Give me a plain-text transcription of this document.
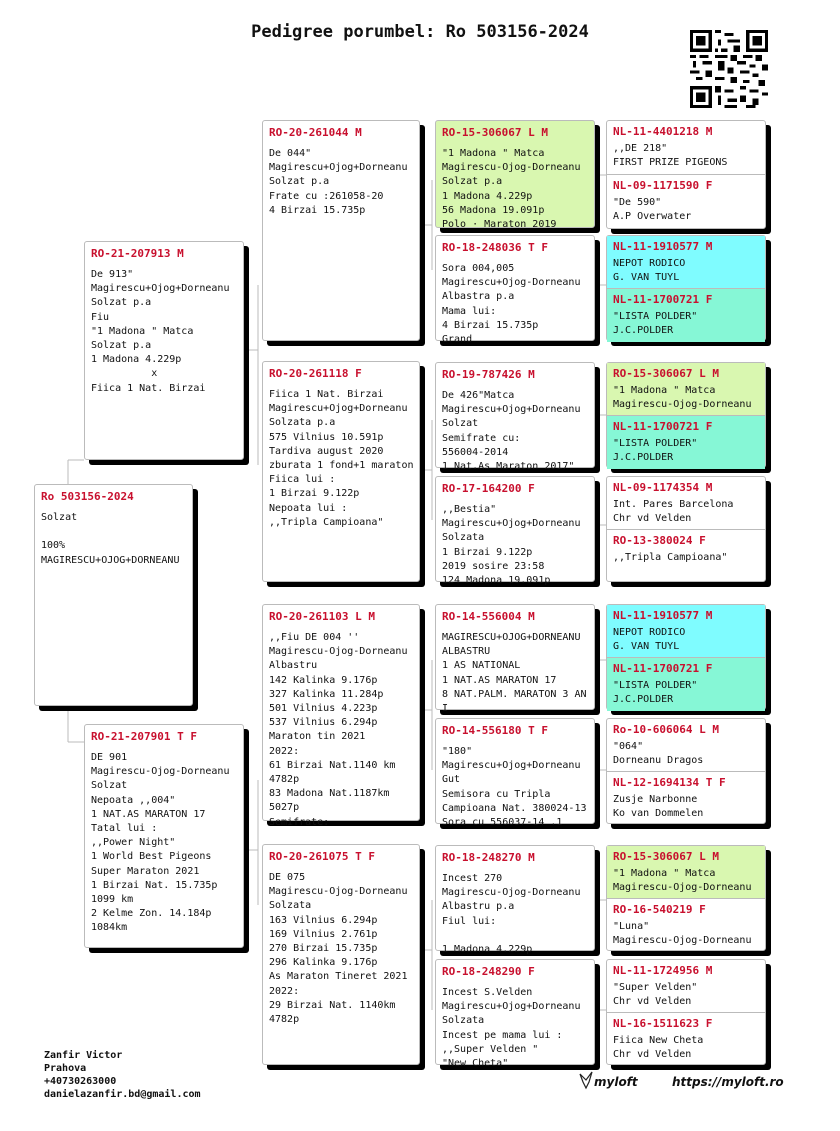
Pedigree porumbel: Ro 503156-2024
Ro 503156-2024
Solzat

100%
MAGIRESCU+OJOG+DORNEANU
RO-21-207913 M
De 913"
Magirescu+Ojog+Dorneanu
Solzat p.a
Fiu
"1 Madona " Matca
Solzat p.a
1 Madona 4.229p
x
Fiica 1 Nat. Birzai
RO-21-207901 T F
DE 901
Magirescu-Ojog-Dorneanu
Solzat
Nepoata ,,004"
1 NAT.AS MARATON 17
Tatal lui :
,,Power Night"
1 World Best Pigeons
Super Maraton 2021
1 Birzai Nat. 15.735p
1099 km
2 Kelme Zon. 14.184p
1084km
RO-20-261044 M
De 044"
Magirescu+Ojog+Dorneanu
Solzat p.a
Frate cu :261058-20
4 Birzai 15.735p
RO-20-261118 F
Fiica 1 Nat. Birzai
Magirescu+Ojog+Dorneanu
Solzata p.a
575 Vilnius 10.591p
Tardiva august 2020
zburata 1 fond+1 maraton
Fiica lui :
1 Birzai 9.122p
Nepoata lui :
,,Tripla Campioana"
RO-20-261103 L M
,,Fiu DE 004 ''
Magirescu-Ojog-Dorneanu
Albastru
142 Kalinka 9.176p
327 Kalinka 11.284p
501 Vilnius 4.223p
537 Vilnius 6.294p
Maraton tin 2021
2022:
61 Birzai Nat.1140 km
4782p
83 Madona Nat.1187km
5027p
Semifrate:
RO-20-261075 T F
DE 075
Magirescu-Ojog-Dorneanu
Solzata
163 Vilnius 6.294p
169 Vilnius 2.761p
270 Birzai 15.735p
296 Kalinka 9.176p
As Maraton Tineret 2021
2022:
29 Birzai Nat. 1140km
4782p
RO-15-306067 L M
"1 Madona " Matca
Magirescu-Ojog-Dorneanu
Solzat p.a
1 Madona 4.229p
56 Madona 19.091p
Polo · Maraton 2019
RO-18-248036 T F
Sora 004,005
Magirescu+Ojog-Dorneanu
Albastra p.a
Mama lui:
4 Birzai 15.735p
Grand
RO-19-787426 M
De 426"Matca
Magirescu+Ojog+Dorneanu
Solzat
Semifrate cu:
556004-2014
1 Nat.As Maraton 2017"
RO-17-164200 F
,,Bestia"
Magirescu+Ojog+Dorneanu
Solzata
1 Birzai 9.122p
2019 sosire 23:58
124 Madona 19.091p
RO-14-556004 M
MAGIRESCU+OJOG+DORNEANU
ALBASTRU
1 AS NATIONAL
1 NAT.AS MARATON 17
8 NAT.PALM. MARATON 3 AN
I
RO-14-556180 T F
"180"
Magirescu+Ojog+Dorneanu
Gut
Semisora cu Tripla
Campioana Nat. 380024-13
Sora cu 556037-14 .1
RO-18-248270 M
Incest 270
Magirescu-Ojog-Dorneanu
Albastru p.a
Fiul lui:

1 Madona 4.229p
RO-18-248290 F
Incest S.Velden
Magirescu+Ojog+Dorneanu
Solzata
Incest pe mama lui :
,,Super Velden "
"New Cheta"
NL-11-4401218 M
,,DE 218"
FIRST PRIZE PIGEONS
NL-09-1171590 F
"De 590"
A.P Overwater
NL-11-1910577 M
NEPOT RODICO
G. VAN TUYL
NL-11-1700721 F
"LISTA POLDER"
J.C.POLDER
RO-15-306067 L M
"1 Madona " Matca
Magirescu-Ojog-Dorneanu
NL-11-1700721 F
"LISTA POLDER"
J.C.POLDER
NL-09-1174354 M
Int. Pares Barcelona
Chr vd Velden
RO-13-380024 F
,,Tripla Campioana"
NL-11-1910577 M
NEPOT RODICO
G. VAN TUYL
NL-11-1700721 F
"LISTA POLDER"
J.C.POLDER
Ro-10-606064 L M
"064"
Dorneanu Dragos
NL-12-1694134 T F
Zusje Narbonne
Ko van Dommelen
RO-15-306067 L M
"1 Madona " Matca
Magirescu-Ojog-Dorneanu
RO-16-540219 F
"Luna"
Magirescu-Ojog-Dorneanu
NL-11-1724956 M
"Super Velden"
Chr vd Velden
NL-16-1511623 F
Fiica New Cheta
Chr vd Velden
Zanfir Victor
Prahova
+40730263000
danielazanfir.bd@gmail.com
myloft	https://myloft.ro
